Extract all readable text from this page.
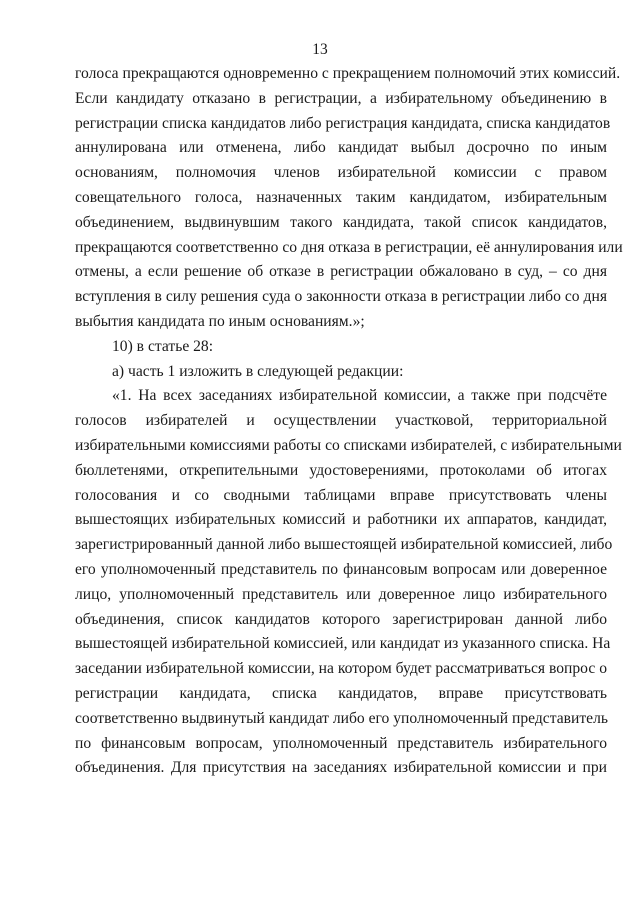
13
голоса прекращаются одновременно с прекращением полномочий этих комиссий.
Если кандидату отказано в регистрации, а избирательному объединению в
регистрации списка кандидатов либо регистрация кандидата, списка кандидатов
аннулирована или отменена, либо кандидат выбыл досрочно по иным
основаниям, полномочия членов избирательной комиссии с правом
совещательного голоса, назначенных таким кандидатом, избирательным
объединением, выдвинувшим такого кандидата, такой список кандидатов,
прекращаются соответственно со дня отказа в регистрации, её аннулирования или
отмены, а если решение об отказе в регистрации обжаловано в суд, – со дня
вступления в силу решения суда о законности отказа в регистрации либо со дня
выбытия кандидата по иным основаниям.»;
10) в статье 28:
а) часть 1 изложить в следующей редакции:
«1. На всех заседаниях избирательной комиссии, а также при подсчёте
голосов избирателей и осуществлении участковой, территориальной
избирательными комиссиями работы со списками избирателей, с избирательными
бюллетенями, открепительными удостоверениями, протоколами об итогах
голосования и со сводными таблицами вправе присутствовать члены
вышестоящих избирательных комиссий и работники их аппаратов, кандидат,
зарегистрированный данной либо вышестоящей избирательной комиссией, либо
его уполномоченный представитель по финансовым вопросам или доверенное
лицо, уполномоченный представитель или доверенное лицо избирательного
объединения, список кандидатов которого зарегистрирован данной либо
вышестоящей избирательной комиссией, или кандидат из указанного списка. На
заседании избирательной комиссии, на котором будет рассматриваться вопрос о
регистрации кандидата, списка кандидатов, вправе присутствовать
соответственно выдвинутый кандидат либо его уполномоченный представитель
по финансовым вопросам, уполномоченный представитель избирательного
объединения. Для присутствия на заседаниях избирательной комиссии и при
